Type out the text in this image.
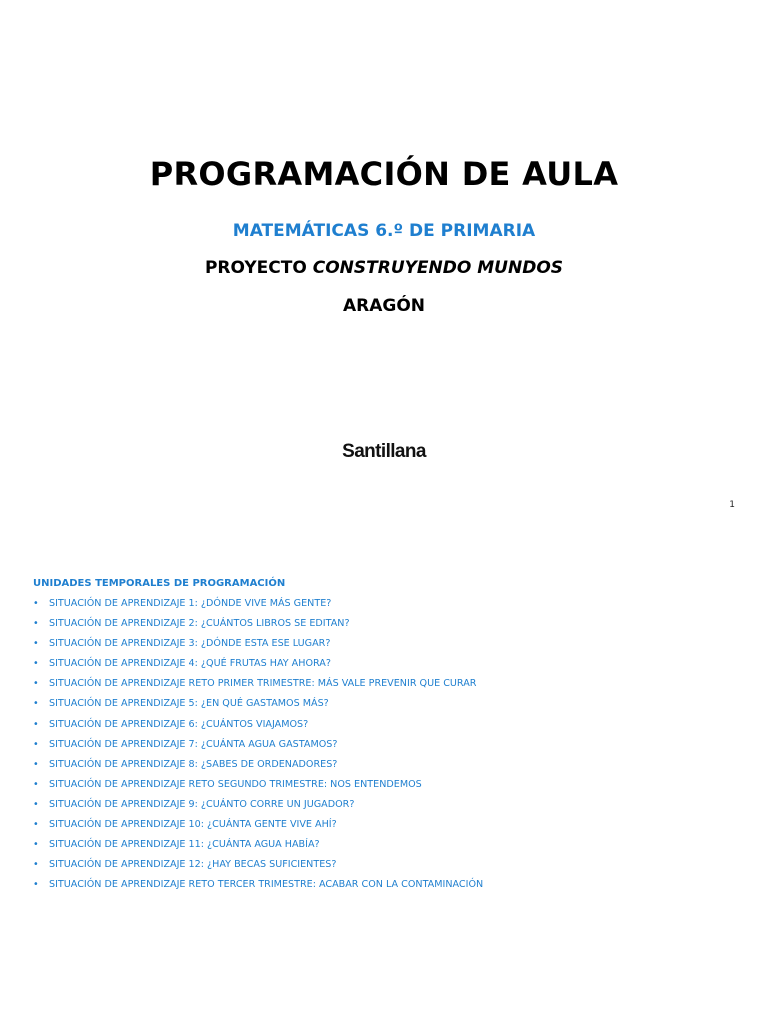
PROGRAMACIÓN DE AULA
MATEMÁTICAS 6.º DE PRIMARIA
PROYECTO CONSTRUYENDO MUNDOS
ARAGÓN
Santillana
1
UNIDADES TEMPORALES DE PROGRAMACIÓN
• SITUACIÓN DE APRENDIZAJE 1: ¿DÓNDE VIVE MÁS GENTE?
• SITUACIÓN DE APRENDIZAJE 2: ¿CUÁNTOS LIBROS SE EDITAN?
• SITUACIÓN DE APRENDIZAJE 3: ¿DÓNDE ESTA ESE LUGAR?
• SITUACIÓN DE APRENDIZAJE 4: ¿QUÉ FRUTAS HAY AHORA?
• SITUACIÓN DE APRENDIZAJE RETO PRIMER TRIMESTRE: MÁS VALE PREVENIR QUE CURAR
• SITUACIÓN DE APRENDIZAJE 5: ¿EN QUÉ GASTAMOS MÁS?
• SITUACIÓN DE APRENDIZAJE 6: ¿CUÁNTOS VIAJAMOS?
• SITUACIÓN DE APRENDIZAJE 7: ¿CUÁNTA AGUA GASTAMOS?
• SITUACIÓN DE APRENDIZAJE 8: ¿SABES DE ORDENADORES?
• SITUACIÓN DE APRENDIZAJE RETO SEGUNDO TRIMESTRE: NOS ENTENDEMOS
• SITUACIÓN DE APRENDIZAJE 9: ¿CUÁNTO CORRE UN JUGADOR?
• SITUACIÓN DE APRENDIZAJE 10: ¿CUÁNTA GENTE VIVE AHÍ?
• SITUACIÓN DE APRENDIZAJE 11: ¿CUÁNTA AGUA HABÍA?
• SITUACIÓN DE APRENDIZAJE 12: ¿HAY BECAS SUFICIENTES?
• SITUACIÓN DE APRENDIZAJE RETO TERCER TRIMESTRE: ACABAR CON LA CONTAMINACIÓN
